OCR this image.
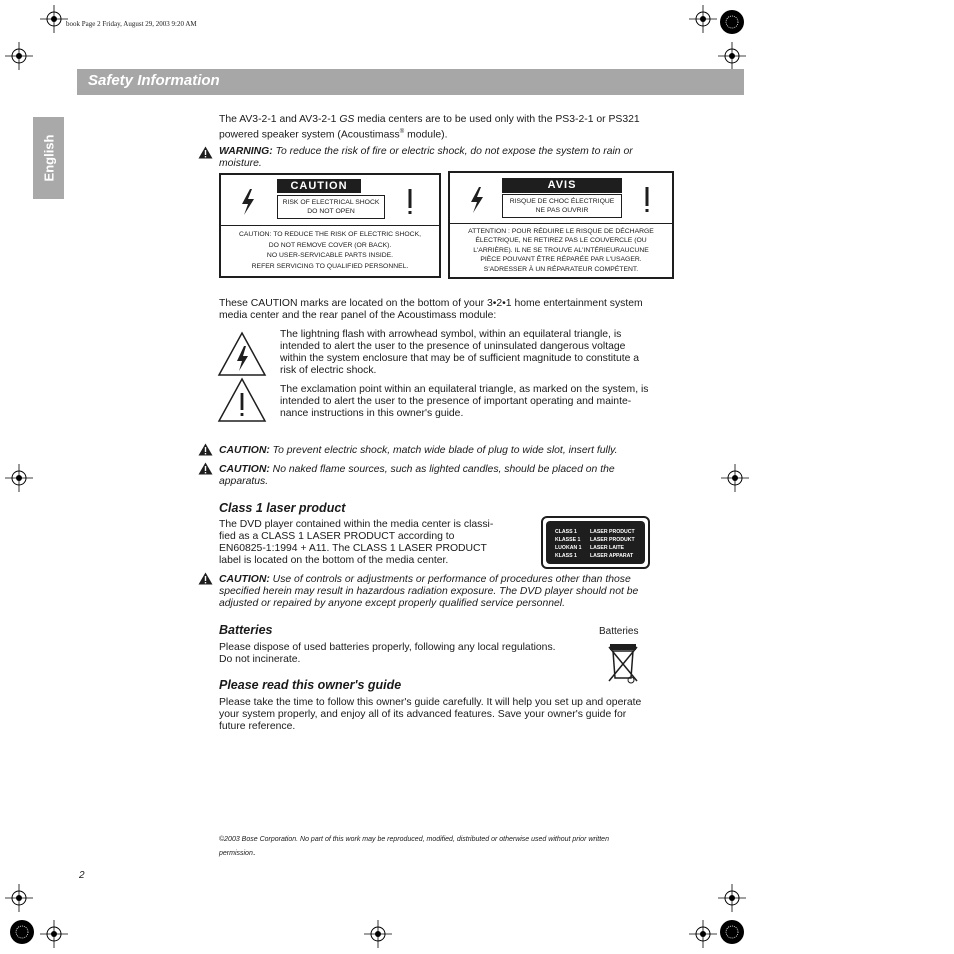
book Page 2 Friday, August 29, 2003 9:20 AM
Safety Information
English
The AV3-2-1 and AV3-2-1 GS media centers are to be used only with the PS3-2-1 or PS321
powered speaker system (Acoustimass® module).
WARNING: To reduce the risk of fire or electric shock, do not expose the system to rain or
moisture.
CAUTION
RISK OF ELECTRICAL SHOCK
DO NOT OPEN
CAUTION: TO REDUCE THE RISK OF ELECTRIC SHOCK,
DO NOT REMOVE COVER (OR BACK).
NO USER-SERVICABLE PARTS INSIDE.
REFER SERVICING TO QUALIFIED PERSONNEL.
AVIS
RISQUE DE CHOC ÉLECTRIQUE
NE PAS OUVRIR
ATTENTION : POUR RÉDUIRE LE RISQUE DE DÉCHARGE
ÉLECTRIQUE, NE RETIREZ PAS LE COUVERCLE (OU
L'ARRIÈRE). IL NE SE TROUVE AL'INTÉRIEURAUCUNE
PIÈCE POUVANT ÊTRE RÉPARÉE PAR L'USAGER.
S'ADRESSER À UN RÉPARATEUR COMPÉTENT.
These CAUTION marks are located on the bottom of your 3•2•1 home entertainment system
media center and the rear panel of the Acoustimass module:
The lightning flash with arrowhead symbol, within an equilateral triangle, is
intended to alert the user to the presence of uninsulated dangerous voltage
within the system enclosure that may be of sufficient magnitude to constitute a
risk of electric shock.
The exclamation point within an equilateral triangle, as marked on the system, is
intended to alert the user to the presence of important operating and mainte-
nance instructions in this owner's guide.
CAUTION: To prevent electric shock, match wide blade of plug to wide slot, insert fully.
CAUTION: No naked flame sources, such as lighted candles, should be placed on the
apparatus.
Class 1 laser product
The DVD player contained within the media center is classi-
fied as a CLASS 1 LASER PRODUCT according to
EN60825-1:1994 + A11. The CLASS 1 LASER PRODUCT
label is located on the bottom of the media center.
CLASS 1	LASER PRODUCT
KLASSE 1 LASER PRODUKT
LUOKAN 1 LASER LAITE
KLASS 1	LASER APPARAT
CAUTION: Use of controls or adjustments or performance of procedures other than those
specified herein may result in hazardous radiation exposure. The DVD player should not be
adjusted or repaired by anyone except properly qualified service personnel.
Batteries
Please dispose of used batteries properly, following any local regulations.
Do not incinerate.
Batteries
Please read this owner's guide
Please take the time to follow this owner's guide carefully. It will help you set up and operate
your system properly, and enjoy all of its advanced features. Save your owner's guide for
future reference.
©2003 Bose Corporation. No part of this work may be reproduced, modified, distributed or otherwise used without prior written
permission.
2
